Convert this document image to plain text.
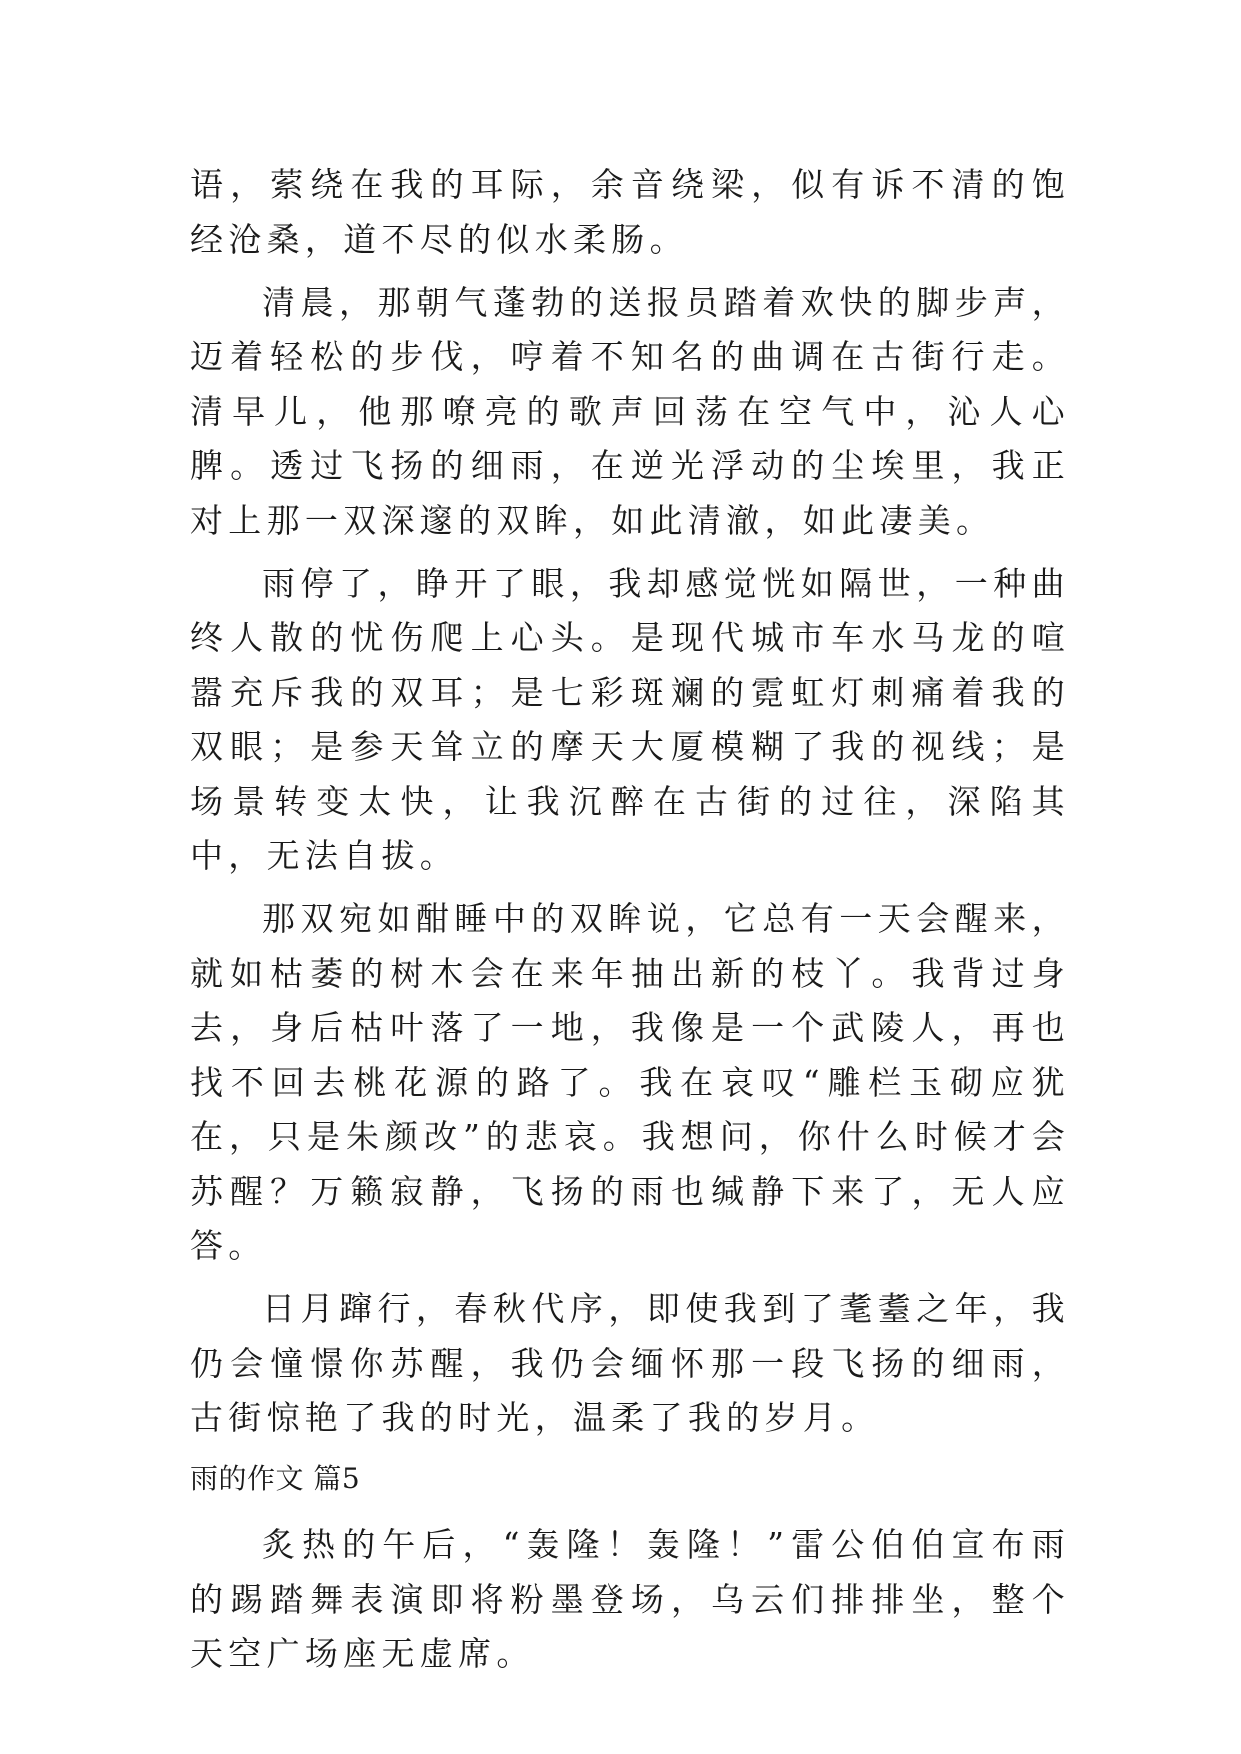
语，萦绕在我的耳际，余音绕梁，似有诉不清的饱经沧桑，道不尽的似水柔肠。

清晨，那朝气蓬勃的送报员踏着欢快的脚步声，迈着轻松的步伐，哼着不知名的曲调在古街行走。清早儿，他那嘹亮的歌声回荡在空气中，沁人心脾。透过飞扬的细雨，在逆光浮动的尘埃里，我正对上那一双深邃的双眸，如此清澈，如此凄美。

雨停了，睁开了眼，我却感觉恍如隔世，一种曲终人散的忧伤爬上心头。是现代城市车水马龙的喧嚣充斥我的双耳；是七彩斑斓的霓虹灯刺痛着我的双眼；是参天耸立的摩天大厦模糊了我的视线；是场景转变太快，让我沉醉在古街的过往，深陷其中，无法自拔。

那双宛如酣睡中的双眸说，它总有一天会醒来，就如枯萎的树木会在来年抽出新的枝丫。我背过身去，身后枯叶落了一地，我像是一个武陵人，再也找不回去桃花源的路了。我在哀叹“雕栏玉砌应犹在，只是朱颜改”的悲哀。我想问，你什么时候才会苏醒？万籁寂静，飞扬的雨也缄静下来了，无人应答。

日月蹿行，春秋代序，即使我到了耄耋之年，我仍会憧憬你苏醒，我仍会缅怀那一段飞扬的细雨，古街惊艳了我的时光，温柔了我的岁月。

雨的作文 篇5

炙热的午后，“轰隆！轰隆！”雷公伯伯宣布雨的踢踏舞表演即将粉墨登场，乌云们排排坐，整个天空广场座无虚席。
